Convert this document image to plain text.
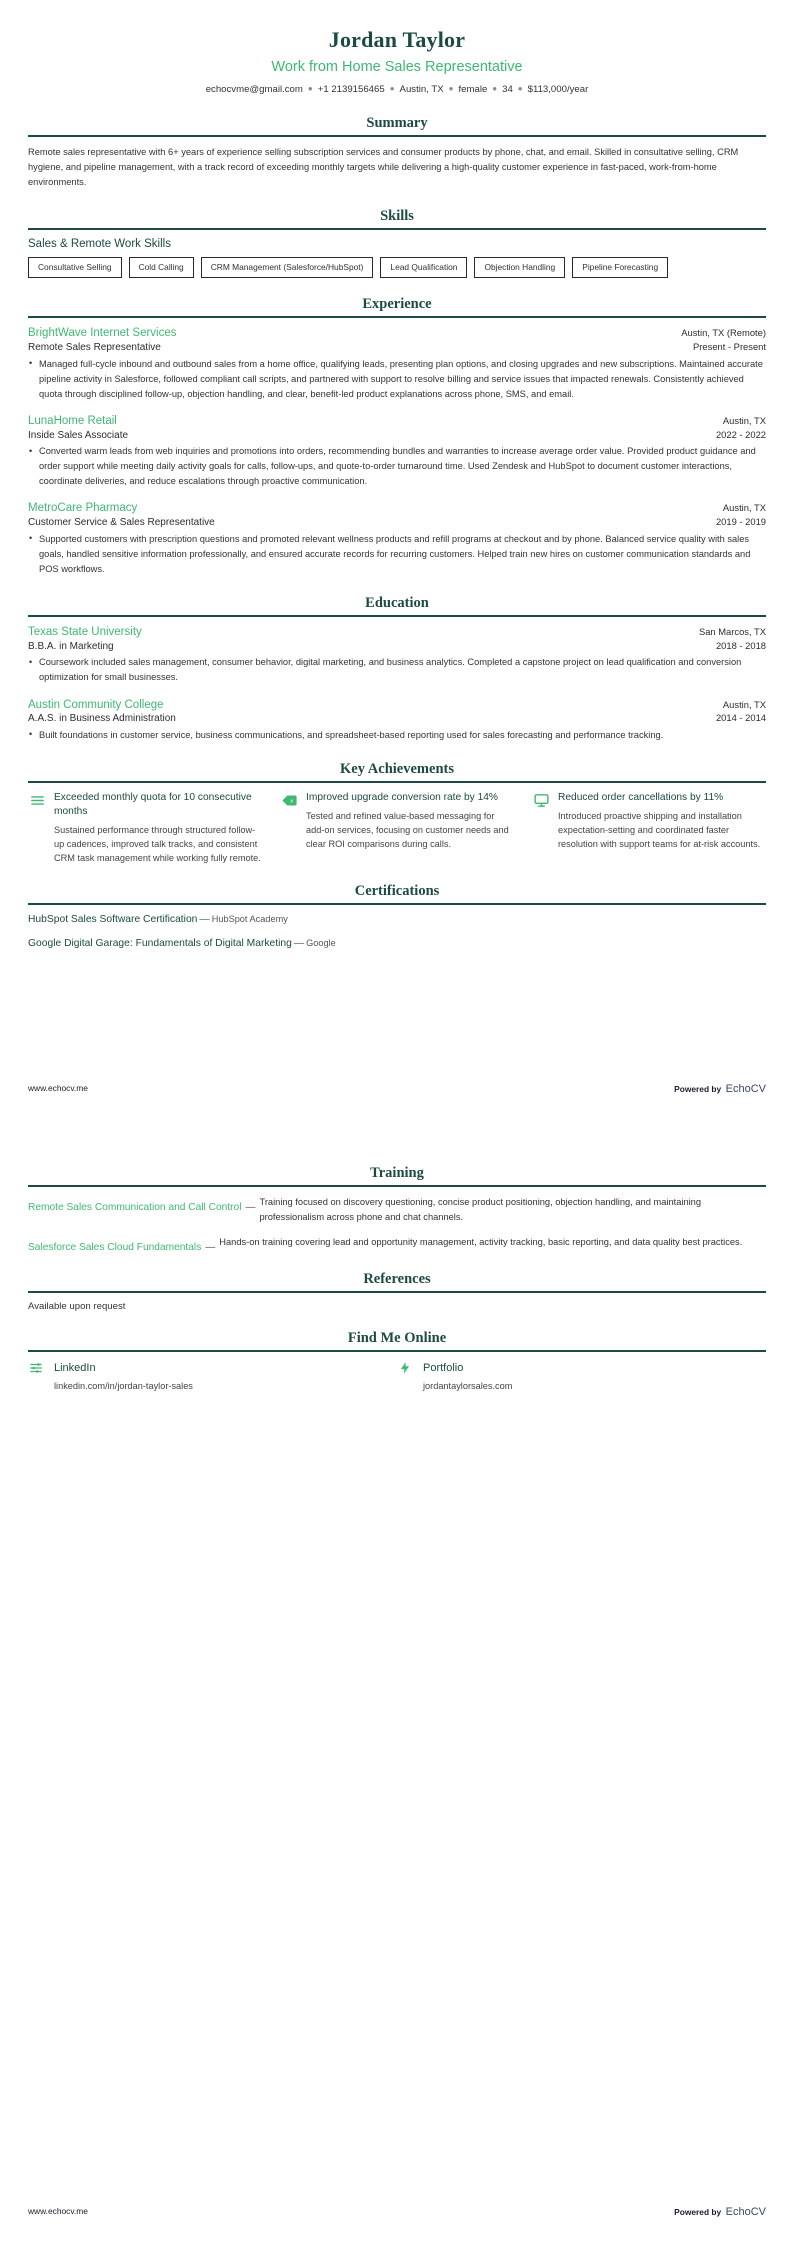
Jordan Taylor
Work from Home Sales Representative
echocvme@gmail.com ● +1 2139156465 ● Austin, TX ● female ● 34 ● $113,000/year
Summary
Remote sales representative with 6+ years of experience selling subscription services and consumer products by phone, chat, and email. Skilled in consultative selling, CRM hygiene, and pipeline management, with a track record of exceeding monthly targets while delivering a high-quality customer experience in fast-paced, work-from-home environments.
Skills
Sales & Remote Work Skills
Consultative Selling	Cold Calling	CRM Management (Salesforce/HubSpot)	Lead Qualification	Objection Handling	Pipeline Forecasting
Experience
BrightWave Internet Services	Austin, TX (Remote)
Remote Sales Representative	Present - Present
• Managed full-cycle inbound and outbound sales from a home office, qualifying leads, presenting plan options, and closing upgrades and new subscriptions. Maintained accurate pipeline activity in Salesforce, followed compliant call scripts, and partnered with support to resolve billing and service issues that impacted renewals. Consistently achieved quota through disciplined follow-up, objection handling, and clear, benefit-led product explanations across phone, SMS, and email.
LunaHome Retail	Austin, TX
Inside Sales Associate	2022 - 2022
• Converted warm leads from web inquiries and promotions into orders, recommending bundles and warranties to increase average order value. Provided product guidance and order support while meeting daily activity goals for calls, follow-ups, and quote-to-order turnaround time. Used Zendesk and HubSpot to document customer interactions, coordinate deliveries, and reduce escalations through proactive communication.
MetroCare Pharmacy	Austin, TX
Customer Service & Sales Representative	2019 - 2019
• Supported customers with prescription questions and promoted relevant wellness products and refill programs at checkout and by phone. Balanced service quality with sales goals, handled sensitive information professionally, and ensured accurate records for recurring customers. Helped train new hires on customer communication standards and POS workflows.
Education
Texas State University	San Marcos, TX
B.B.A. in Marketing	2018 - 2018
• Coursework included sales management, consumer behavior, digital marketing, and business analytics. Completed a capstone project on lead qualification and conversion optimization for small businesses.
Austin Community College	Austin, TX
A.A.S. in Business Administration	2014 - 2014
• Built foundations in customer service, business communications, and spreadsheet-based reporting used for sales forecasting and performance tracking.
Key Achievements
Exceeded monthly quota for 10 consecutive months
Sustained performance through structured follow-up cadences, improved talk tracks, and consistent CRM task management while working fully remote.
x Improved upgrade conversion rate by 14%
Tested and refined value-based messaging for add-on services, focusing on customer needs and clear ROI comparisons during calls.
Reduced order cancellations by 11%
Introduced proactive shipping and installation expectation-setting and coordinated faster resolution with support teams for at-risk accounts.
Certifications
HubSpot Sales Software Certification — HubSpot Academy
Google Digital Garage: Fundamentals of Digital Marketing — Google
www.echocv.me	Powered by EchoCV
Training
Remote Sales Communication and Call Control — Training focused on discovery questioning, concise product positioning, objection handling, and maintaining professionalism across phone and chat channels.
Salesforce Sales Cloud Fundamentals — Hands-on training covering lead and opportunity management, activity tracking, basic reporting, and data quality best practices.
References
Available upon request
Find Me Online
LinkedIn
linkedin.com/in/jordan-taylor-sales
Portfolio
jordantaylorsales.com
www.echocv.me	Powered by EchoCV
